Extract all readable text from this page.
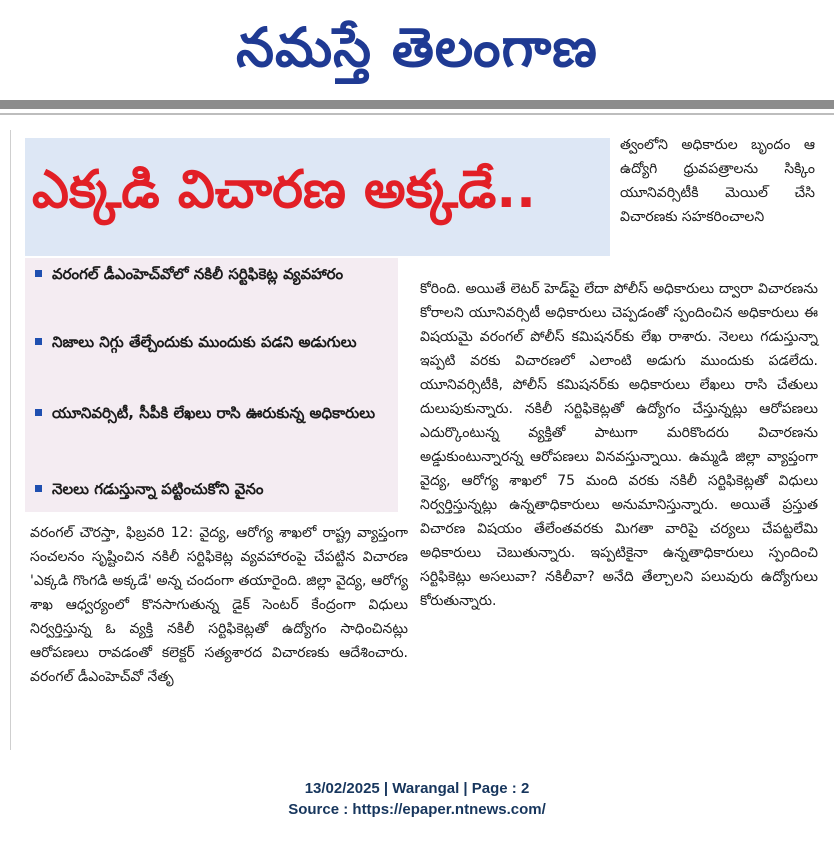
నమస్తే తెలంగాణ
ఎక్కడి విచారణ అక్కడే..
వరంగల్ డీఎంహెచ్‌వోలో నకిలీ సర్టిఫికెట్ల వ్యవహారం
నిజాలు నిగ్గు తేల్చేందుకు ముందుకు పడని అడుగులు
యూనివర్సిటీ, సీపీకి లేఖలు రాసి ఊరుకున్న అధికారులు
నెలలు గడుస్తున్నా పట్టించుకోని వైనం

త్వంలోని అధికారుల బృందం ఆ ఉద్యోగి ధ్రువపత్రాలను సిక్కిం యూనివర్సిటీకి మెయిల్ చేసి విచారణకు సహకరించాలని

కోరింది. అయితే లెటర్ హెడ్‌పై లేదా పోలీస్ అధికారులు ద్వారా విచారణను కోరాలని యూనివర్సిటీ అధికారులు చెప్పడంతో స్పందించిన అధికారులు ఈ విషయమై వరంగల్ పోలీస్ కమిషనర్‌కు లేఖ రాశారు. నెలలు గడుస్తున్నా ఇప్పటి వరకు విచారణలో ఎలాంటి అడుగు ముందుకు పడలేదు. యూనివర్సిటీకి, పోలీస్ కమిషనర్‌కు అధికారులు లేఖలు రాసి చేతులు దులుపుకున్నారు. నకిలీ సర్టిఫికెట్లతో ఉద్యోగం చేస్తున్నట్లు ఆరోపణలు ఎదుర్కొంటున్న వ్యక్తితో పాటుగా మరికొందరు విచారణను అడ్డుకుంటున్నారన్న ఆరోపణలు వినవస్తున్నాయి. ఉమ్మడి జిల్లా వ్యాప్తంగా వైద్య, ఆరోగ్య శాఖలో 75 మంది వరకు నకిలీ సర్టిఫికెట్లతో విధులు నిర్వర్తిస్తున్నట్లు ఉన్నతాధికారులు అనుమానిస్తున్నారు. అయితే ప్రస్తుత విచారణ విషయం తేలేంతవరకు మిగతా వారిపై చర్యలు చేపట్టలేమి అధికారులు చెబుతున్నారు. ఇప్పటికైనా ఉన్నతాధికారులు స్పందించి సర్టిఫికెట్లు అసలువా? నకిలీవా? అనేది తేల్చాలని పలువురు ఉద్యోగులు కోరుతున్నారు.

వరంగల్ చౌరస్తా, ఫిబ్రవరి 12: వైద్య, ఆరోగ్య శాఖలో రాష్ట్ర వ్యాప్తంగా సంచలనం సృష్టించిన నకిలీ సర్టిఫికెట్ల వ్యవహారంపై చేపట్టిన విచారణ 'ఎక్కడి గొంగడి అక్కడే' అన్న చందంగా తయారైంది. జిల్లా వైద్య, ఆరోగ్య శాఖ ఆధ్వర్యంలో కొనసాగుతున్న డైక్ సెంటర్ కేంద్రంగా విధులు నిర్వర్తిస్తున్న ఓ వ్యక్తి నకిలీ సర్టిఫికెట్లతో ఉద్యోగం సాధించినట్లు ఆరోపణలు రావడంతో కలెక్టర్ సత్యశారద విచారణకు ఆదేశించారు. వరంగల్ డీఎంహెచ్‌వో నేతృ

13/02/2025 | Warangal | Page : 2
Source : https://epaper.ntnews.com/
